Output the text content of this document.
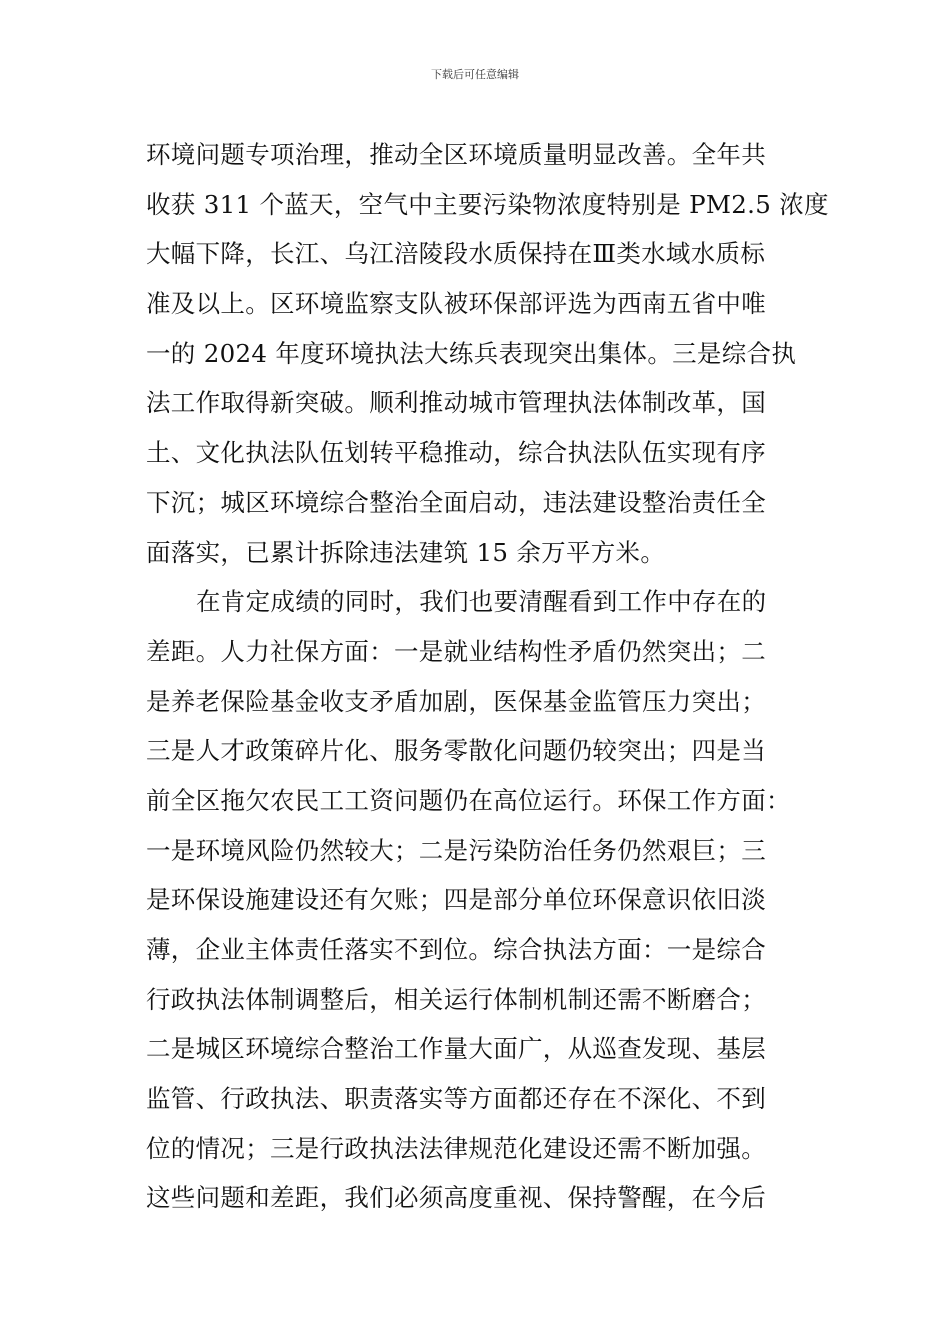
下载后可任意编辑
环境问题专项治理，推动全区环境质量明显改善。全年共
收获 311 个蓝天，空气中主要污染物浓度特别是 PM2.5 浓度
大幅下降，长江、乌江涪陵段水质保持在Ⅲ类水域水质标
准及以上。区环境监察支队被环保部评选为西南五省中唯
一的 2024 年度环境执法大练兵表现突出集体。三是综合执
法工作取得新突破。顺利推动城市管理执法体制改革，国
土、文化执法队伍划转平稳推动，综合执法队伍实现有序
下沉；城区环境综合整治全面启动，违法建设整治责任全
面落实，已累计拆除违法建筑 15 余万平方米。
在肯定成绩的同时，我们也要清醒看到工作中存在的
差距。人力社保方面：一是就业结构性矛盾仍然突出；二
是养老保险基金收支矛盾加剧，医保基金监管压力突出；
三是人才政策碎片化、服务零散化问题仍较突出；四是当
前全区拖欠农民工工资问题仍在高位运行。环保工作方面：
一是环境风险仍然较大；二是污染防治任务仍然艰巨；三
是环保设施建设还有欠账；四是部分单位环保意识依旧淡
薄，企业主体责任落实不到位。综合执法方面：一是综合
行政执法体制调整后，相关运行体制机制还需不断磨合；
二是城区环境综合整治工作量大面广，从巡查发现、基层
监管、行政执法、职责落实等方面都还存在不深化、不到
位的情况；三是行政执法法律规范化建设还需不断加强。
这些问题和差距，我们必须高度重视、保持警醒，在今后
